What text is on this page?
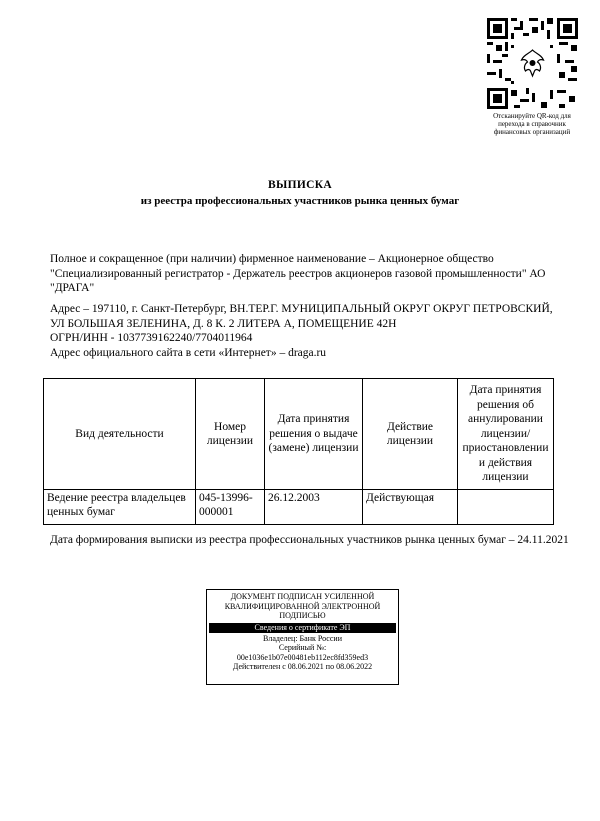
Отсканируйте QR-код для перехода в справочник финансовых организаций
ВЫПИСКА
из реестра профессиональных участников рынка ценных бумаг
Полное и сокращенное (при наличии) фирменное наименование – Акционерное общество "Специализированный регистратор - Держатель реестров акционеров газовой промышленности" АО "ДРАГА"
Адрес – 197110, г. Санкт-Петербург, ВН.ТЕР.Г. МУНИЦИПАЛЬНЫЙ ОКРУГ ОКРУГ ПЕТРОВСКИЙ, УЛ БОЛЬШАЯ ЗЕЛЕНИНА, Д. 8 К. 2 ЛИТЕРА А, ПОМЕЩЕНИЕ 42Н
ОГРН/ИНН - 1037739162240/7704011964
Адрес официального сайта в сети «Интернет» – draga.ru
Вид деятельности	Номер лицензии	Дата принятия решения о выдаче (замене) лицензии	Действие лицензии	Дата принятия решения об аннулировании лицензии/ приостановлении и действия лицензии
Ведение реестра владельцев ценных бумаг	045-13996-000001	26.12.2003	Действующая	
Дата формирования выписки из реестра профессиональных участников рынка ценных бумаг – 24.11.2021
ДОКУМЕНТ ПОДПИСАН УСИЛЕННОЙ КВАЛИФИЦИРОВАННОЙ ЭЛЕКТРОННОЙ ПОДПИСЬЮ
Сведения о сертификате ЭП
Владелец: Банк России
Серийный №:
00e1036e1b07e00481eb112ec8fd359ed3
Действителен с 08.06.2021 по 08.06.2022
